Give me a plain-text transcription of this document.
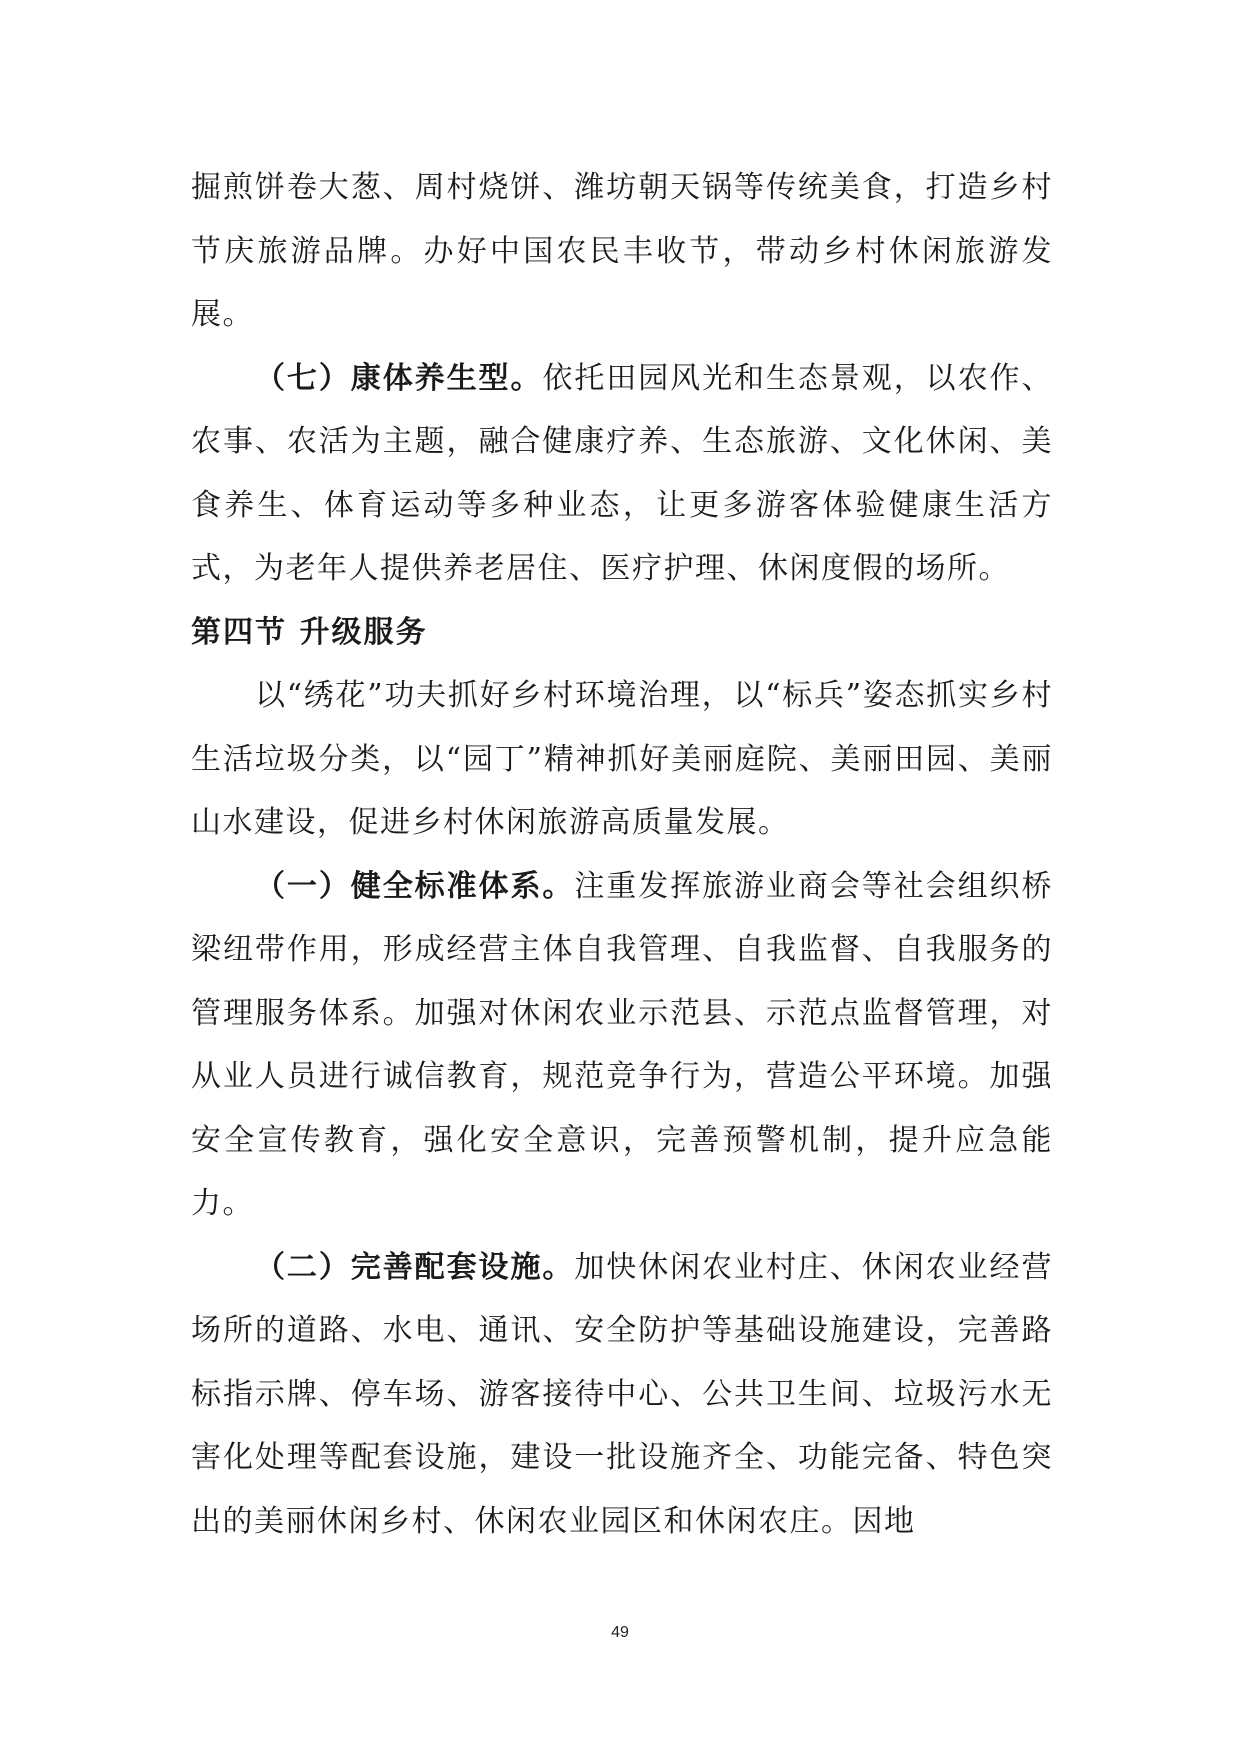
掘煎饼卷大葱、周村烧饼、潍坊朝天锅等传统美食，打造乡村节庆旅游品牌。办好中国农民丰收节，带动乡村休闲旅游发展。

（七）康体养生型。依托田园风光和生态景观，以农作、农事、农活为主题，融合健康疗养、生态旅游、文化休闲、美食养生、体育运动等多种业态，让更多游客体验健康生活方式，为老年人提供养老居住、医疗护理、休闲度假的场所。

第四节 升级服务

以“绣花”功夫抓好乡村环境治理，以“标兵”姿态抓实乡村生活垃圾分类，以“园丁”精神抓好美丽庭院、美丽田园、美丽山水建设，促进乡村休闲旅游高质量发展。

（一）健全标准体系。注重发挥旅游业商会等社会组织桥梁纽带作用，形成经营主体自我管理、自我监督、自我服务的管理服务体系。加强对休闲农业示范县、示范点监督管理，对从业人员进行诚信教育，规范竞争行为，营造公平环境。加强安全宣传教育，强化安全意识，完善预警机制，提升应急能力。

（二）完善配套设施。加快休闲农业村庄、休闲农业经营场所的道路、水电、通讯、安全防护等基础设施建设，完善路标指示牌、停车场、游客接待中心、公共卫生间、垃圾污水无害化处理等配套设施，建设一批设施齐全、功能完备、特色突出的美丽休闲乡村、休闲农业园区和休闲农庄。因地

49
